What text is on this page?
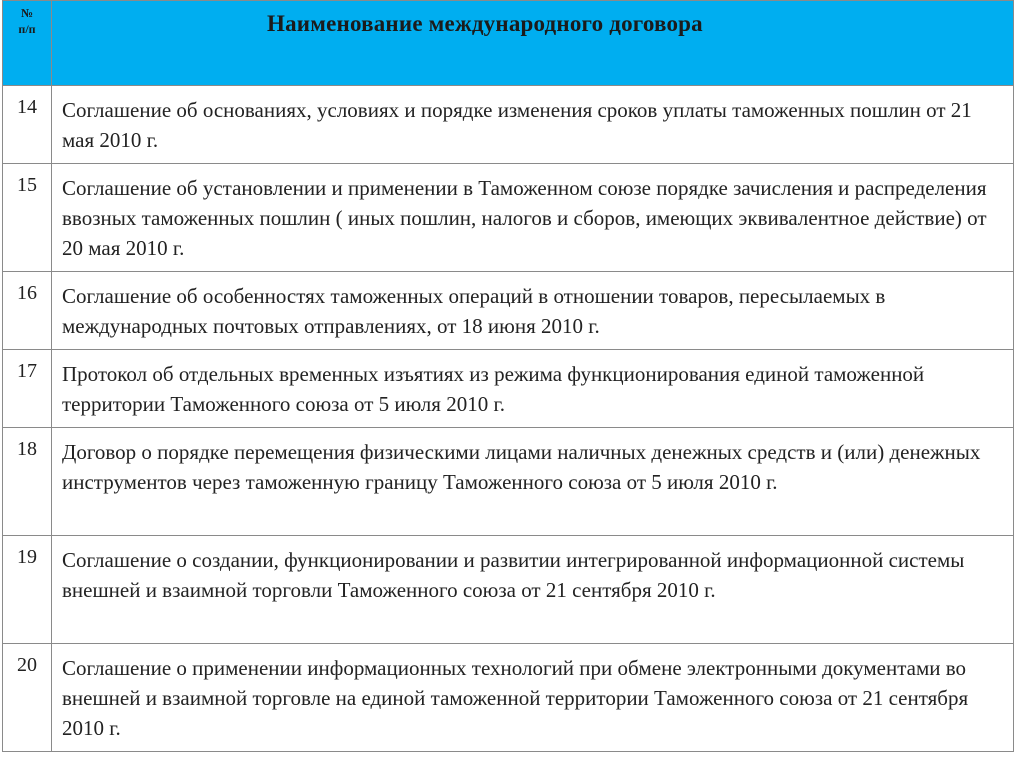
№
п/п	Наименование международного договора
14	Соглашение об основаниях, условиях и порядке изменения сроков уплаты таможенных пошлин от 21 мая 2010 г.
15	Соглашение об установлении и применении в Таможенном союзе порядке зачисления и распределения ввозных таможенных пошлин ( иных пошлин, налогов и сборов, имеющих эквивалентное действие) от 20 мая 2010 г.
16	Соглашение об особенностях таможенных операций в отношении товаров, пересылаемых в международных почтовых отправлениях, от 18 июня 2010 г.
17	Протокол об отдельных временных изъятиях из режима функционирования единой таможенной территории Таможенного союза от 5 июля 2010 г.
18	Договор о порядке перемещения физическими лицами наличных денежных средств и (или) денежных инструментов через таможенную границу Таможенного союза от 5 июля 2010 г.
19	Соглашение о создании, функционировании и развитии интегрированной информационной системы внешней и взаимной торговли Таможенного союза от 21 сентября 2010 г.
20	Соглашение о применении информационных технологий при обмене электронными документами во внешней и взаимной торговле на единой таможенной территории Таможенного союза от 21 сентября 2010 г.
